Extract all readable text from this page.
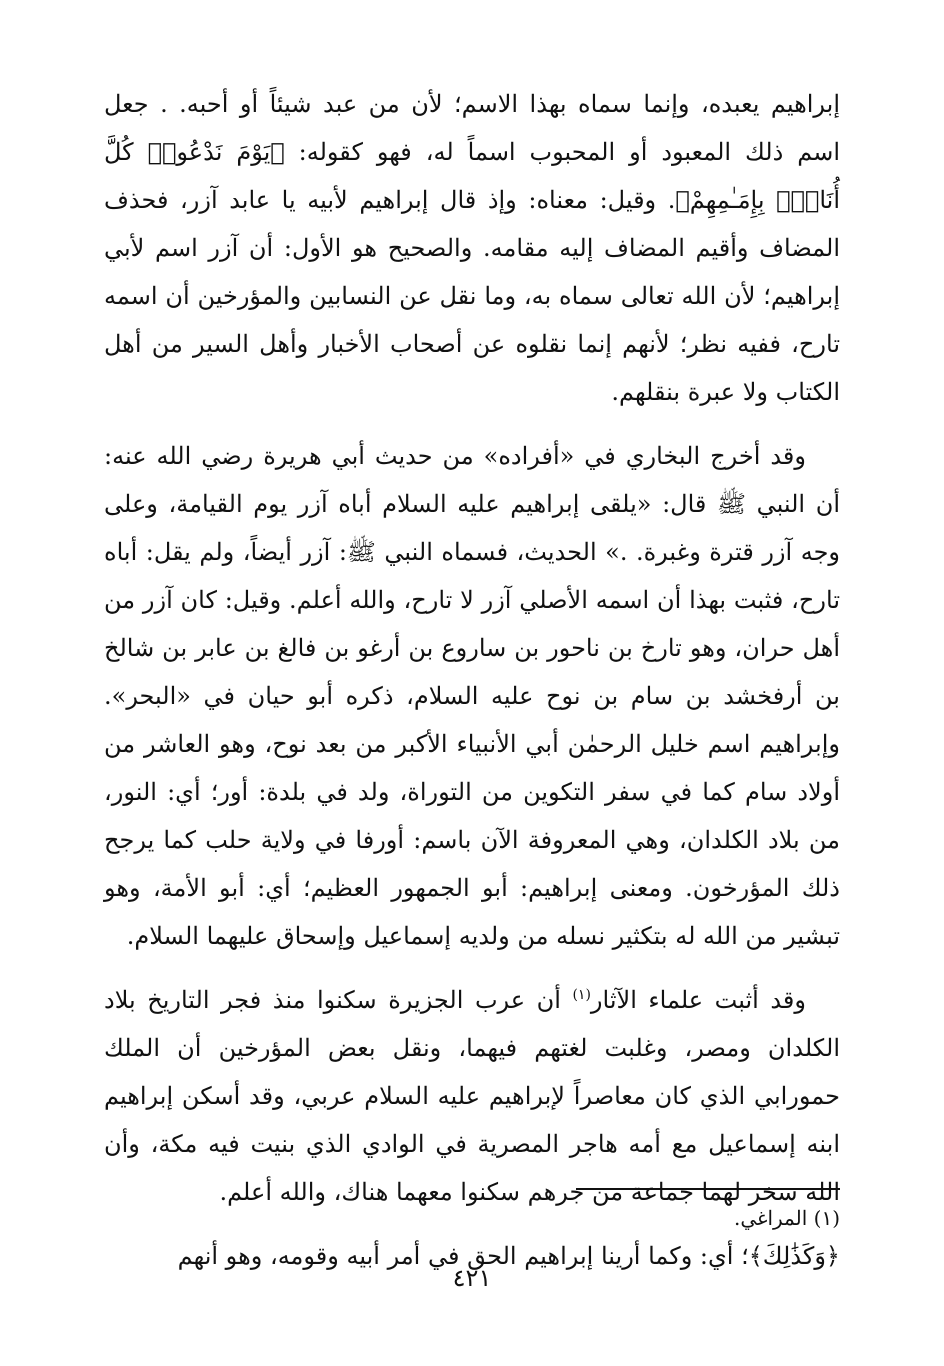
إبراهيم يعبده، وإنما سماه بهذا الاسم؛ لأن من عبد شيئاً أو أحبه. . جعل اسم ذلك المعبود أو المحبوب اسماً له، فهو كقوله: ﴿يَوْمَ نَدْعُوا۟ كُلَّ أُنَاسٍۭ بِإِمَـٰمِهِمْ﴾. وقيل: معناه: وإذ قال إبراهيم لأبيه يا عابد آزر، فحذف المضاف وأقيم المضاف إليه مقامه. والصحيح هو الأول: أن آزر اسم لأبي إبراهيم؛ لأن الله تعالى سماه به، وما نقل عن النسابين والمؤرخين أن اسمه تارح، ففيه نظر؛ لأنهم إنما نقلوه عن أصحاب الأخبار وأهل السير من أهل الكتاب ولا عبرة بنقلهم.

وقد أخرج البخاري في «أفراده» من حديث أبي هريرة رضي الله عنه: أن النبي ﷺ قال: «يلقى إبراهيم عليه السلام أباه آزر يوم القيامة، وعلى وجه آزر قترة وغبرة. .» الحديث، فسماه النبي ﷺ: آزر أيضاً، ولم يقل: أباه تارح، فثبت بهذا أن اسمه الأصلي آزر لا تارح، والله أعلم. وقيل: كان آزر من أهل حران، وهو تارخ بن ناحور بن ساروع بن أرغو بن فالغ بن عابر بن شالخ بن أرفخشد بن سام بن نوح عليه السلام، ذكره أبو حيان في «البحر». وإبراهيم اسم خليل الرحمٰن أبي الأنبياء الأكبر من بعد نوح، وهو العاشر من أولاد سام كما في سفر التكوين من التوراة، ولد في بلدة: أور؛ أي: النور، من بلاد الكلدان، وهي المعروفة الآن باسم: أورفا في ولاية حلب كما يرجح ذلك المؤرخون. ومعنى إبراهيم: أبو الجمهور العظيم؛ أي: أبو الأمة، وهو تبشير من الله له بتكثير نسله من ولديه إسماعيل وإسحاق عليهما السلام.

وقد أثبت علماء الآثار$^{(١)}$ أن عرب الجزيرة سكنوا منذ فجر التاريخ بلاد الكلدان ومصر، وغلبت لغتهم فيهما، ونقل بعض المؤرخين أن الملك حمورابي الذي كان معاصراً لإبراهيم عليه السلام عربي، وقد أسكن إبراهيم ابنه إسماعيل مع أمه هاجر المصرية في الوادي الذي بنيت فيه مكة، وأن الله سخر لهما جماعة من جرهم سكنوا معهما هناك، والله أعلم.

﴿وَكَذَٰلِكَ﴾؛ أي: وكما أرينا إبراهيم الحق في أمر أبيه وقومه، وهو أنهم

(١) المراغي.
٤٢١
